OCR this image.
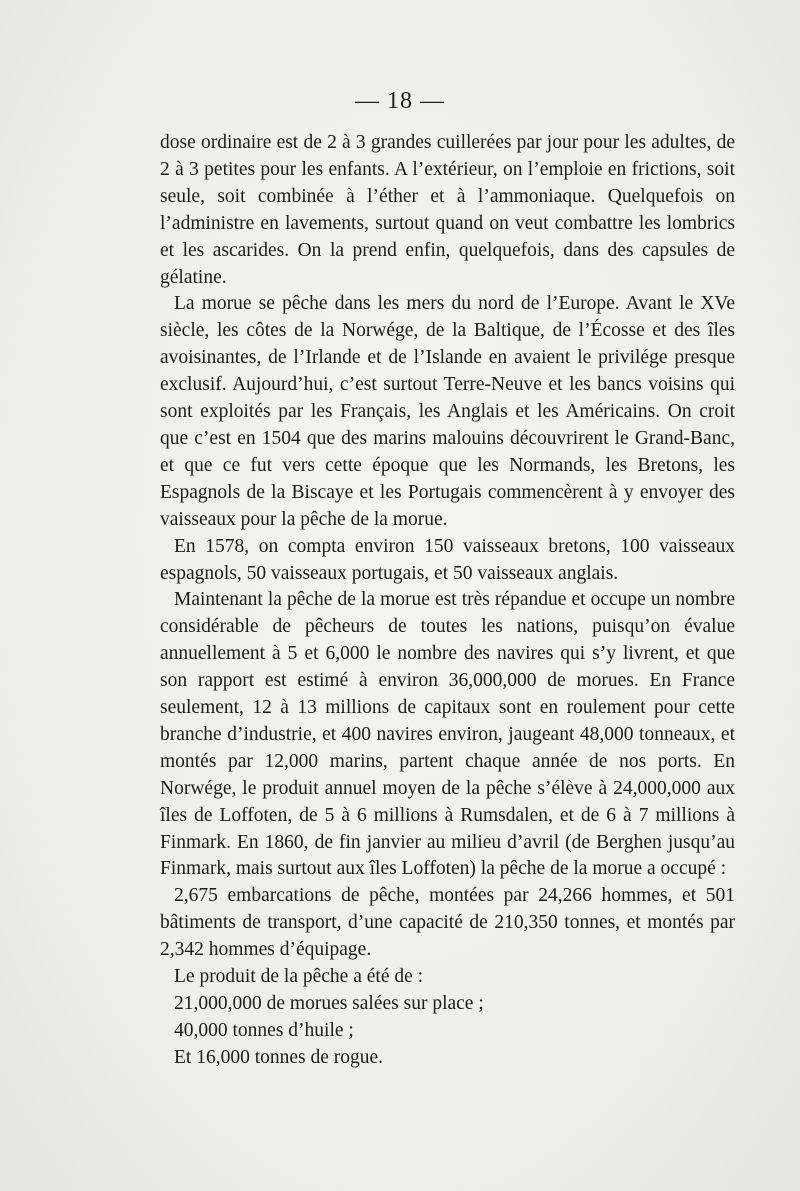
— 18 —

dose ordinaire est de 2 à 3 grandes cuillerées par jour pour les adultes, de 2 à 3 petites pour les enfants. A l’extérieur, on l’emploie en frictions, soit seule, soit combinée à l’éther et à l’ammoniaque. Quelquefois on l’administre en lavements, surtout quand on veut combattre les lombrics et les ascarides. On la prend enfin, quelquefois, dans des capsules de gélatine.

La morue se pêche dans les mers du nord de l’Europe. Avant le XVe siècle, les côtes de la Norwége, de la Baltique, de l’Écosse et des îles avoisinantes, de l’Irlande et de l’Islande en avaient le privilége presque exclusif. Aujourd’hui, c’est surtout Terre-Neuve et les bancs voisins qui sont exploités par les Français, les Anglais et les Américains. On croit que c’est en 1504 que des marins malouins découvrirent le Grand-Banc, et que ce fut vers cette époque que les Normands, les Bretons, les Espagnols de la Biscaye et les Portugais commencèrent à y envoyer des vaisseaux pour la pêche de la morue.

En 1578, on compta environ 150 vaisseaux bretons, 100 vaisseaux espagnols, 50 vaisseaux portugais, et 50 vaisseaux anglais.

Maintenant la pêche de la morue est très répandue et occupe un nombre considérable de pêcheurs de toutes les nations, puisqu’on évalue annuellement à 5 et 6,000 le nombre des navires qui s’y livrent, et que son rapport est estimé à environ 36,000,000 de morues. En France seulement, 12 à 13 millions de capitaux sont en roulement pour cette branche d’industrie, et 400 navires environ, jaugeant 48,000 tonneaux, et montés par 12,000 marins, partent chaque année de nos ports. En Norwége, le produit annuel moyen de la pêche s’élève à 24,000,000 aux îles de Loffoten, de 5 à 6 millions à Rumsdalen, et de 6 à 7 millions à Finmark. En 1860, de fin janvier au milieu d’avril (de Berghen jusqu’au Finmark, mais surtout aux îles Loffoten) la pêche de la morue a occupé :

2,675 embarcations de pêche, montées par 24,266 hommes, et 501 bâtiments de transport, d’une capacité de 210,350 tonnes, et montés par 2,342 hommes d’équipage.

Le produit de la pêche a été de :

21,000,000 de morues salées sur place ;

40,000 tonnes d’huile ;

Et 16,000 tonnes de rogue.
